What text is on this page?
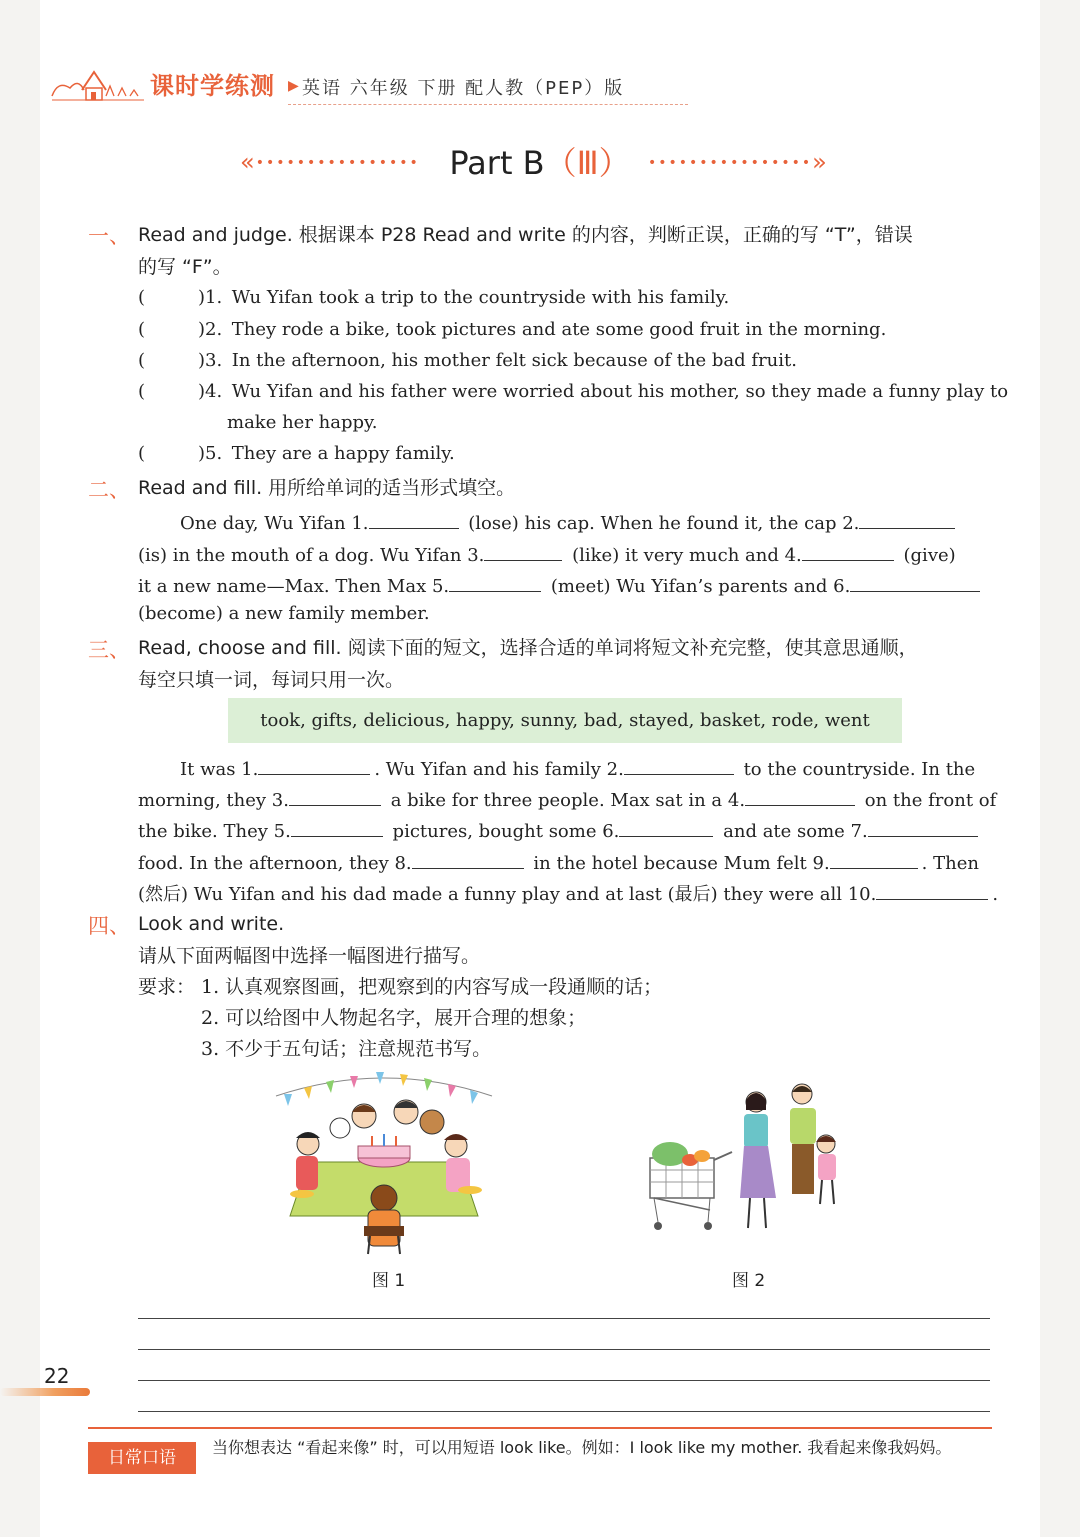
课时学练测 ▶ 英语 六年级 下册 配人教（PEP）版
«•••••••••••••••• Part B（Ⅲ）	••••••••••••••••»
一、 Read and judge. 根据课本 P28 Read and write 的内容，判断正误，正确的写 “T”，错误
的写 “F”。
(	)1. Wu Yifan took a trip to the countryside with his family.
(	)2. They rode a bike, took pictures and ate some good fruit in the morning.
(	)3. In the afternoon, his mother felt sick because of the bad fruit.
(	)4. Wu Yifan and his father were worried about his mother, so they made a funny play to
make her happy.
(	)5. They are a happy family.
二、 Read and fill. 用所给单词的适当形式填空。
One day, Wu Yifan 1.	(lose) his cap. When he found it, the cap 2.
(is) in the mouth of a dog. Wu Yifan 3.	(like) it very much and 4.	(give)
it a new name—Max. Then Max 5.	(meet) Wu Yifan’s parents and 6.
(become) a new family member.
三、 Read, choose and fill. 阅读下面的短文，选择合适的单词将短文补充完整，使其意思通顺，
每空只填一词，每词只用一次。
took, gifts, delicious, happy, sunny, bad, stayed, basket, rode, went
It was 1.	. Wu Yifan and his family 2.	to the countryside. In the
morning, they 3.	a bike for three people. Max sat in a 4.	on the front of
the bike. They 5.	pictures, bought some 6.	and ate some 7.
food. In the afternoon, they 8.	in the hotel because Mum felt 9.	. Then
(然后) Wu Yifan and his dad made a funny play and at last (最后) they were all 10.	.
四、 Look and write.
请从下面两幅图中选择一幅图进行描写。
要求： 1. 认真观察图画，把观察到的内容写成一段通顺的话；
2. 可以给图中人物起名字，展开合理的想象；
3. 不少于五句话；注意规范书写。
图 1	图 2
22
日常口语
当你想表达 “看起来像” 时，可以用短语 look like。例如：I look like my mother. 我看起来像我妈妈。
